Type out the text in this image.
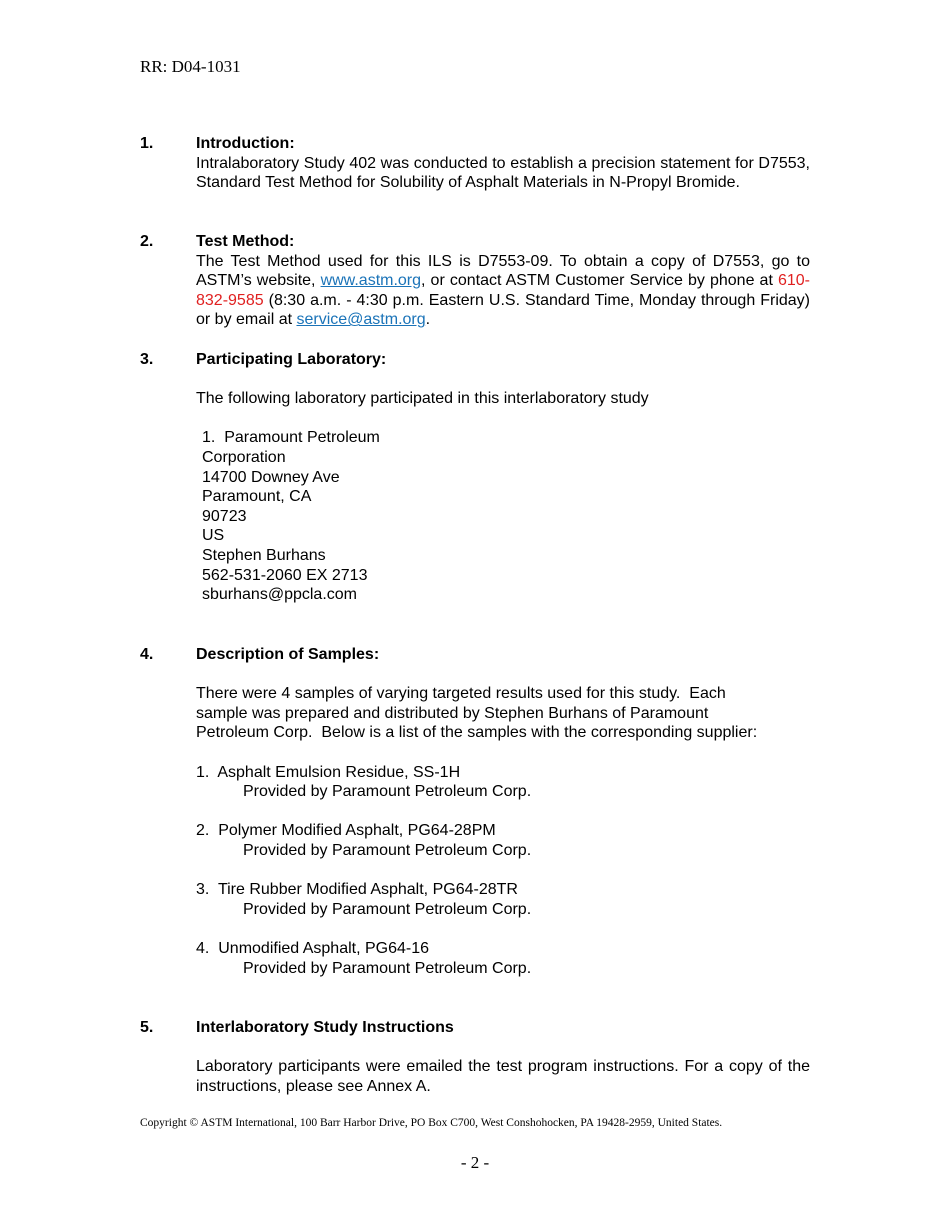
RR: D04-1031
1.	Introduction:
Intralaboratory Study 402 was conducted to establish a precision statement for D7553, Standard Test Method for Solubility of Asphalt Materials in N-Propyl Bromide.
2.	Test Method:
The Test Method used for this ILS is D7553-09. To obtain a copy of D7553, go to ASTM’s website, www.astm.org, or contact ASTM Customer Service by phone at 610-832-9585 (8:30 a.m. - 4:30 p.m. Eastern U.S. Standard Time, Monday through Friday) or by email at service@astm.org.
3.	Participating Laboratory:
The following laboratory participated in this interlaboratory study
1.  Paramount Petroleum
Corporation
14700 Downey Ave
Paramount, CA
90723
US
Stephen Burhans
562-531-2060 EX 2713
sburhans@ppcla.com
4.	Description of Samples:
There were 4 samples of varying targeted results used for this study.  Each
sample was prepared and distributed by Stephen Burhans of Paramount
Petroleum Corp.  Below is a list of the samples with the corresponding supplier:
1.  Asphalt Emulsion Residue, SS-1H
Provided by Paramount Petroleum Corp.
2.  Polymer Modified Asphalt, PG64-28PM
Provided by Paramount Petroleum Corp.
3.  Tire Rubber Modified Asphalt, PG64-28TR
Provided by Paramount Petroleum Corp.
4.  Unmodified Asphalt, PG64-16
Provided by Paramount Petroleum Corp.
5.	Interlaboratory Study Instructions
Laboratory participants were emailed the test program instructions. For a copy of the instructions, please see Annex A.
Copyright © ASTM International, 100 Barr Harbor Drive, PO Box C700, West Conshohocken, PA 19428-2959, United States.
- 2 -
